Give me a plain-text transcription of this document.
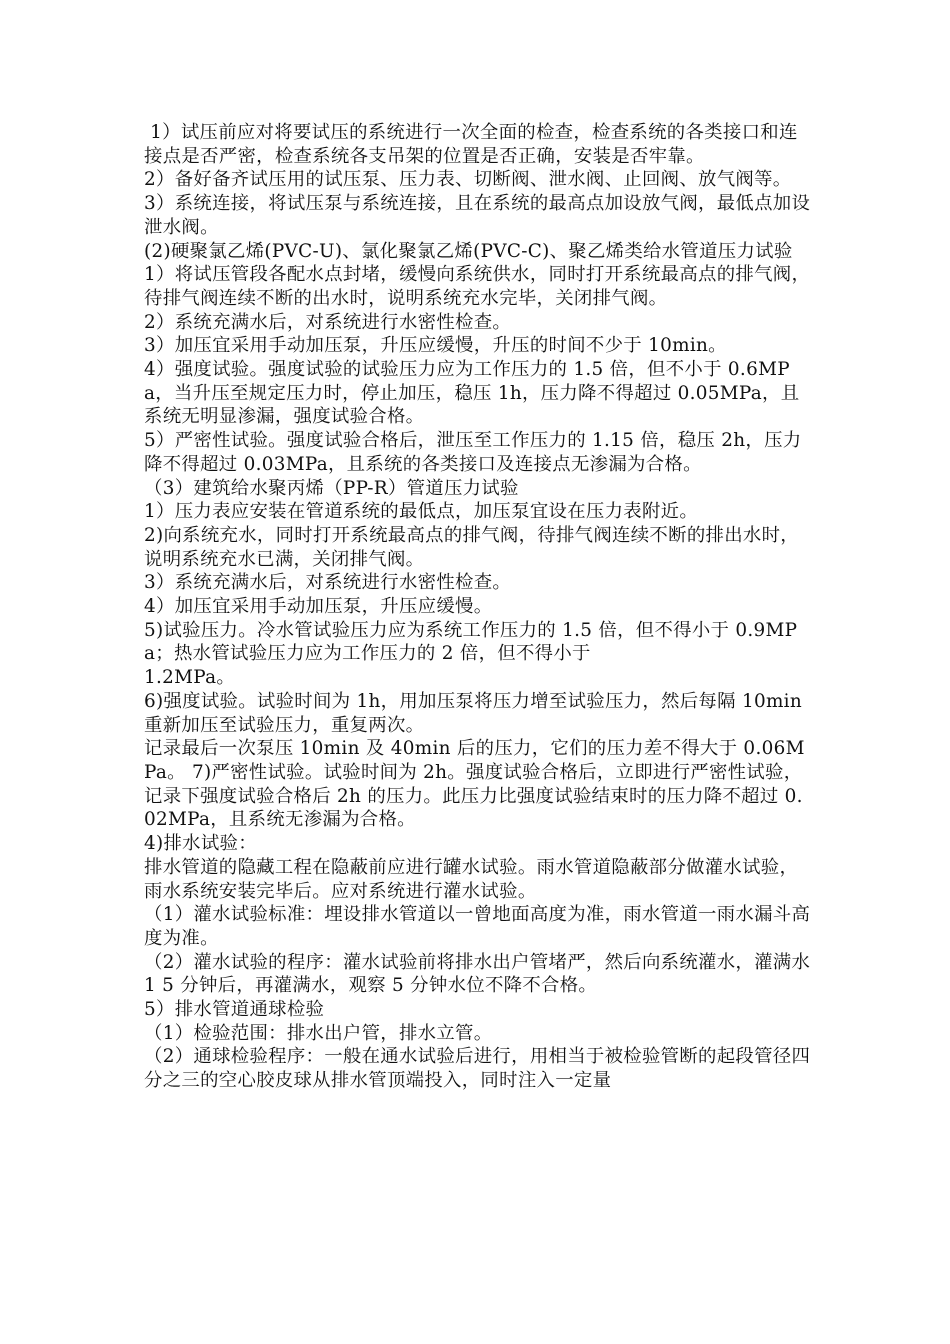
1）试压前应对将要试压的系统进行一次全面的检查，检查系统的各类接口和连接点是否严密，检查系统各支吊架的位置是否正确，安装是否牢靠。

2）备好备齐试压用的试压泵、压力表、切断阀、泄水阀、止回阀、放气阀等。 3）系统连接，将试压泵与系统连接，且在系统的最高点加设放气阀，最低点加设泄水阀。

(2)硬聚氯乙烯(PVC-U)、氯化聚氯乙烯(PVC-C)、聚乙烯类给水管道压力试验 1）将试压管段各配水点封堵，缓慢向系统供水，同时打开系统最高点的排气阀，待排气阀连续不断的出水时，说明系统充水完毕，关闭排气阀。

2）系统充满水后，对系统进行水密性检查。

3）加压宜采用手动加压泵，升压应缓慢，升压的时间不少于 10min。

4）强度试验。强度试验的试验压力应为工作压力的 1.5 倍，但不小于 0.6MPa，当升压至规定压力时，停止加压，稳压 1h，压力降不得超过 0.05MPa，且系统无明显渗漏，强度试验合格。

5）严密性试验。强度试验合格后，泄压至工作压力的 1.15 倍，稳压 2h，压力降不得超过 0.03MPa，且系统的各类接口及连接点无渗漏为合格。

（3）建筑给水聚丙烯（PP-R）管道压力试验

1）压力表应安装在管道系统的最低点，加压泵宜设在压力表附近。

2)向系统充水，同时打开系统最高点的排气阀，待排气阀连续不断的排出水时，说明系统充水已满，关闭排气阀。

3）系统充满水后，对系统进行水密性检查。

4）加压宜采用手动加压泵，升压应缓慢。

5)试验压力。冷水管试验压力应为系统工作压力的 1.5 倍，但不得小于 0.9MPa；热水管试验压力应为工作压力的 2 倍，但不得小于

1.2MPa。

6)强度试验。试验时间为 1h，用加压泵将压力增至试验压力，然后每隔 10min 重新加压至试验压力，重复两次。

记录最后一次泵压 10min 及 40min 后的压力，它们的压力差不得大于 0.06MPa。 7)严密性试验。试验时间为 2h。强度试验合格后，立即进行严密性试验，记录下强度试验合格后 2h 的压力。此压力比强度试验结束时的压力降不超过 0.02MPa，且系统无渗漏为合格。

4)排水试验：

排水管道的隐藏工程在隐蔽前应进行罐水试验。雨水管道隐蔽部分做灌水试验，雨水系统安装完毕后。应对系统进行灌水试验。

（1）灌水试验标准：埋设排水管道以一曾地面高度为准，雨水管道一雨水漏斗高度为准。

（2）灌水试验的程序：灌水试验前将排水出户管堵严，然后向系统灌水，灌满水 1 5 分钟后，再灌满水，观察 5 分钟水位不降不合格。

5）排水管道通球检验

（1）检验范围：排水出户管，排水立管。

（2）通球检验程序：一般在通水试验后进行，用相当于被检验管断的起段管径四分之三的空心胶皮球从排水管顶端投入，同时注入一定量
